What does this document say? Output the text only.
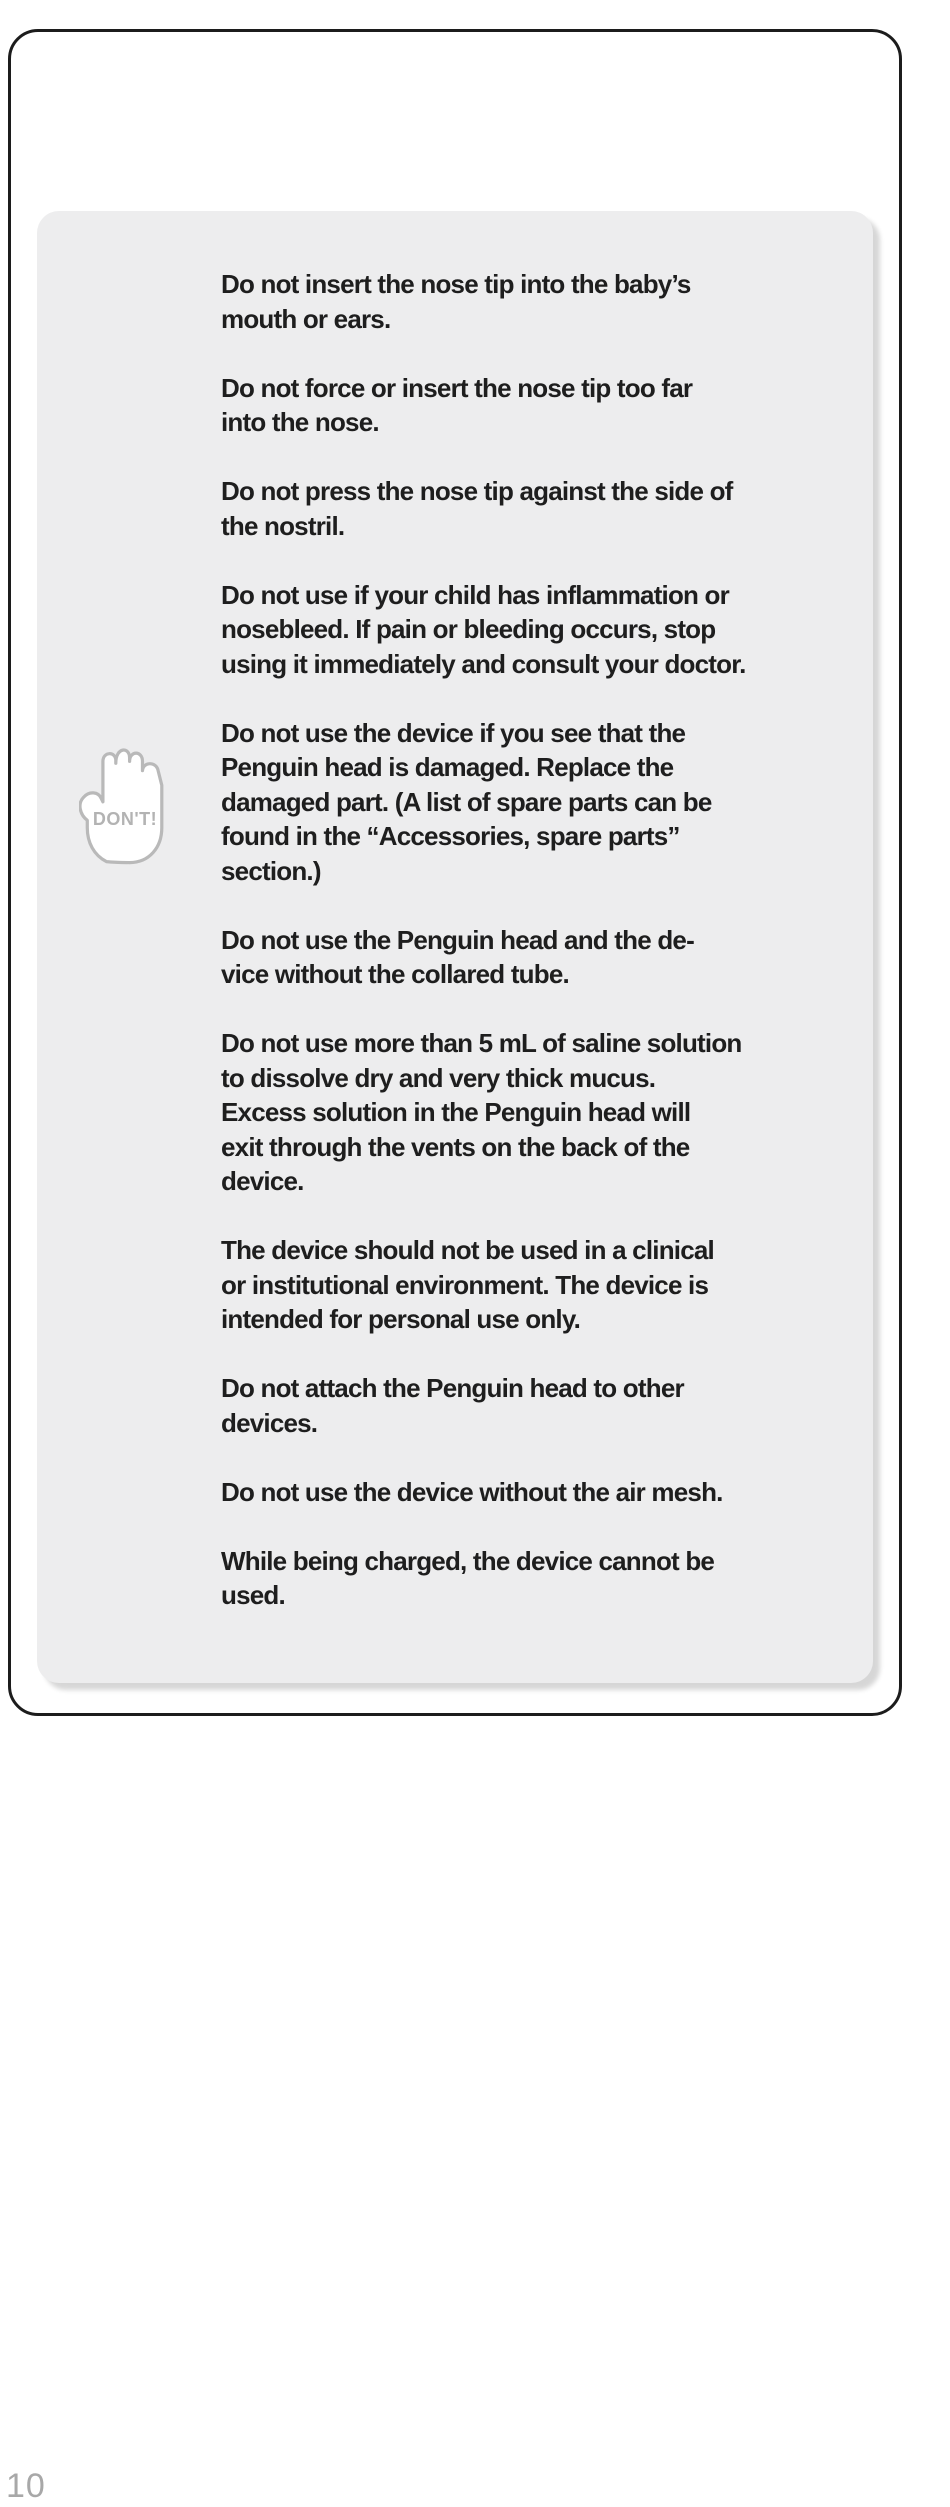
DON'T!
Do not insert the nose tip into the baby’s
mouth or ears.
Do not force or insert the nose tip too far
into the nose.
Do not press the nose tip against the side of
the nostril.
Do not use if your child has inflammation or
nosebleed. If pain or bleeding occurs, stop
using it immediately and consult your doctor.
Do not use the device if you see that the
Penguin head is damaged. Replace the
damaged part. (A list of spare parts can be
found in the “Accessories, spare parts”
section.)
Do not use the Penguin head and the de-
vice without the collared tube.
Do not use more than 5 mL of saline solution
to dissolve dry and very thick mucus.
Excess solution in the Penguin head will
exit through the vents on the back of the
device.
The device should not be used in a clinical
or institutional environment. The device is
intended for personal use only.
Do not attach the Penguin head to other
devices.
Do not use the device without the air mesh.
While being charged, the device cannot be
used.
10
